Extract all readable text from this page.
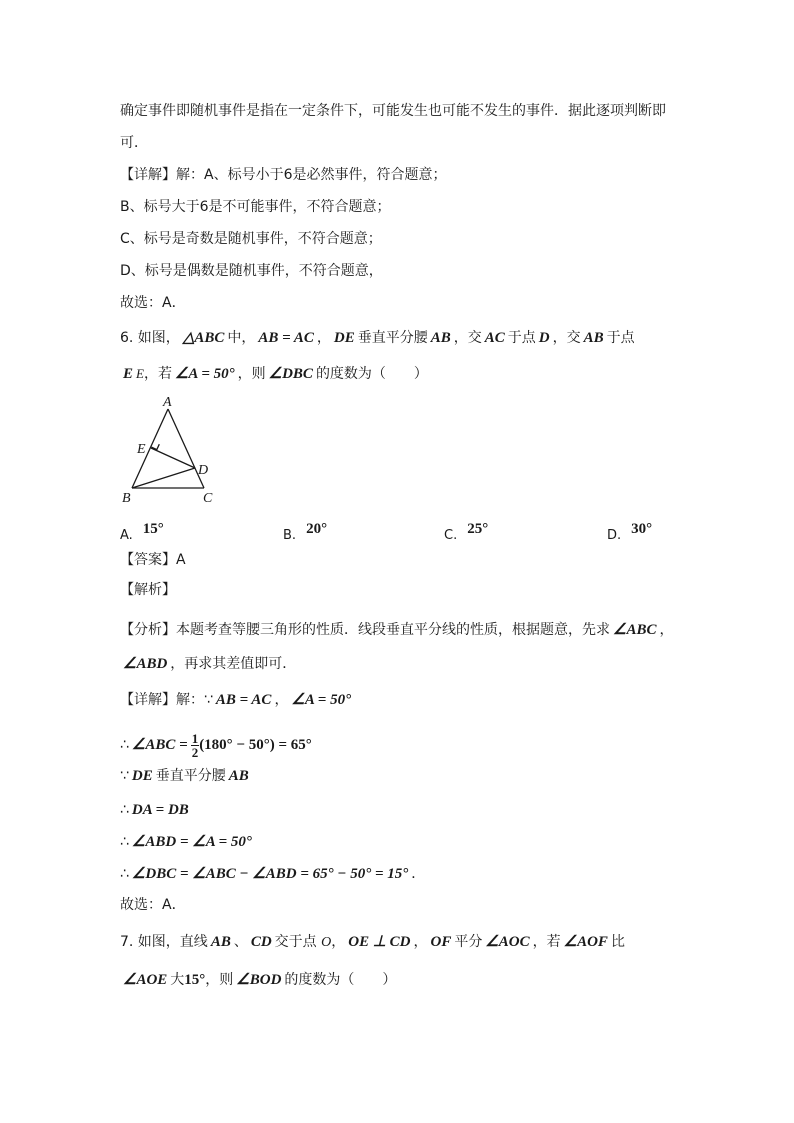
确定事件即随机事件是指在一定条件下，可能发生也可能不发生的事件．据此逐项判断即
可．
【详解】解：A、标号小于6是必然事件，符合题意；
B、标号大于6是不可能事件，不符合题意；
C、标号是奇数是随机事件，不符合题意；
D、标号是偶数是随机事件，不符合题意，
故选：A．
6. 如图， △ABC 中， AB = AC ， DE 垂直平分腰 AB ，交 AC 于点 D ，交 AB 于点
E E，若 ∠A = 50° ，则 ∠DBC 的度数为（　　）
A
B	C
D
E
A. 15°	B. 20°	C. 25°	D. 30°
【答案】A
【解析】
【分析】本题考查等腰三角形的性质．线段垂直平分线的性质，根据题意，先求 ∠ABC ，
∠ABD ，再求其差值即可．
【详解】解：∵ AB = AC ， ∠A = 50°
∴ ∠ABC = $\frac{1}{2} (180^\circ - 50^\circ) = 65^\circ$
∵ DE 垂直平分腰 AB
∴ DA = DB
∴ ∠ABD = ∠A = 50°
∴ ∠DBC = ∠ABC − ∠ABD = 65° − 50° = 15° ．
故选：A．
7. 如图，直线 AB 、 CD 交于点 O， OE ⊥ CD ， OF 平分 ∠AOC ，若 ∠AOF 比
∠AOE 大15°，则 ∠BOD 的度数为（　　）
